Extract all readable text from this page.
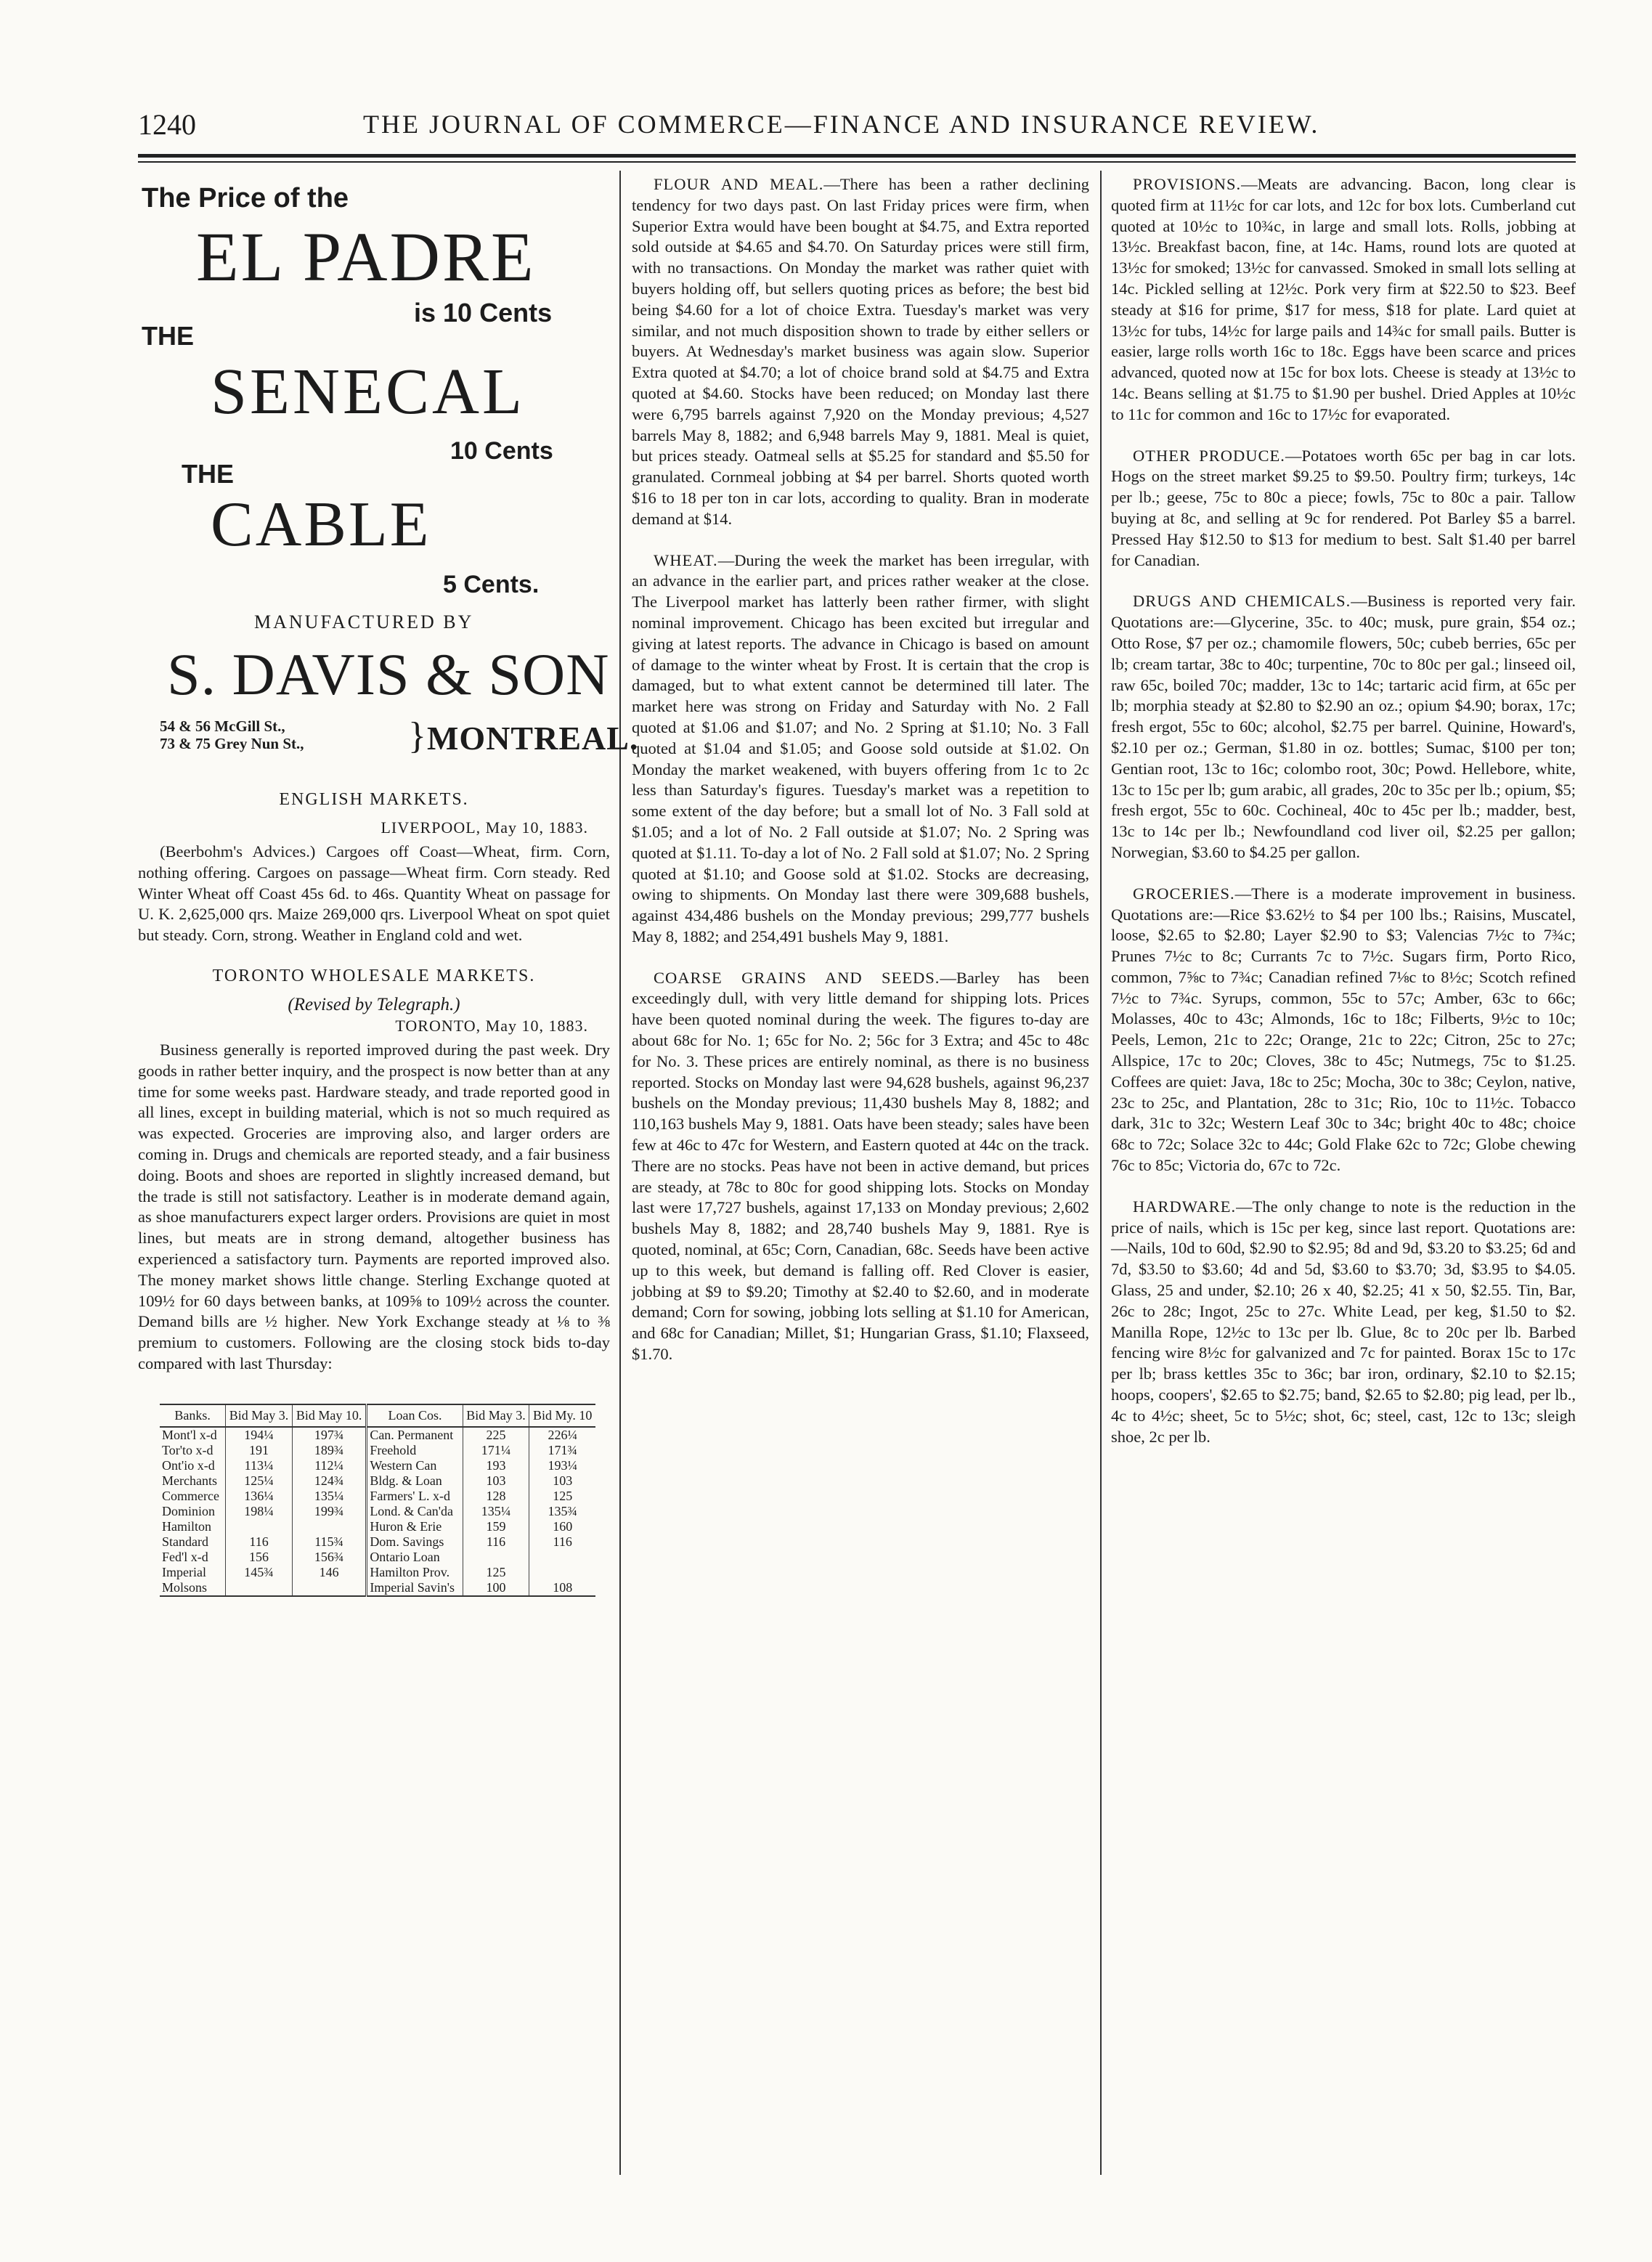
1240	THE JOURNAL OF COMMERCE—FINANCE AND INSURANCE REVIEW.
The Price of the
EL PADRE
is 10 Cents
THE
SENECAL
10 Cents
THE
CABLE
5 Cents.
MANUFACTURED BY
S. DAVIS & SON
54 & 56 McGill St.,
73 & 75 Grey Nun St.,	} MONTREAL.
ENGLISH MARKETS.
LIVERPOOL, May 10, 1883.

(Beerbohm's Advices.) Cargoes off Coast—Wheat, firm. Corn, nothing offering. Cargoes on passage—Wheat firm. Corn steady. Red Winter Wheat off Coast 45s 6d. to 46s. Quantity Wheat on passage for U. K. 2,625,000 qrs. Maize 269,000 qrs. Liverpool Wheat on spot quiet but steady. Corn, strong. Weather in England cold and wet.

TORONTO WHOLESALE MARKETS.
(Revised by Telegraph.)
TORONTO, May 10, 1883.

Business generally is reported improved during the past week. Dry goods in rather better inquiry, and the prospect is now better than at any time for some weeks past. Hardware steady, and trade reported good in all lines, except in building material, which is not so much required as was expected. Groceries are improving also, and larger orders are coming in. Drugs and chemicals are reported steady, and a fair business doing. Boots and shoes are reported in slightly increased demand, but the trade is still not satisfactory. Leather is in moderate demand again, as shoe manufacturers expect larger orders. Provisions are quiet in most lines, but meats are in strong demand, altogether business has experienced a satisfactory turn. Payments are reported improved also. The money market shows little change. Sterling Exchange quoted at 109½ for 60 days between banks, at 109⅝ to 109½ across the counter. Demand bills are ½ higher. New York Exchange steady at ⅛ to ⅜ premium to customers. Following are the closing stock bids to-day compared with last Thursday:

Banks.	Bid May 3.	Bid May 10.	Loan Cos.	Bid May 3.	Bid My. 10
Mont'l x-d	194¼	197¾	Can. Permanent	225	226¼
Tor'to x-d	191	189¾	Freehold	171¼	171¾
Ont'io x-d	113¼	112¼	Western Can	193	193¼
Merchants	125¼	124¾	Bldg. & Loan	103	103
Commerce	136¼	135¼	Farmers' L. x-d	128	125
Dominion	198¼	199¾	Lond. & Can'da	135¼	135¾
Hamilton			Huron & Erie	159	160
Standard	116	115¾	Dom. Savings	116	116
Fed'l x-d	156	156¾	Ontario Loan		
Imperial	145¾	146	Hamilton Prov.	125	
Molsons			Imperial Savin's	100	108

FLOUR AND MEAL.—There has been a rather declining tendency for two days past. On last Friday prices were firm, when Superior Extra would have been bought at $4.75, and Extra reported sold outside at $4.65 and $4.70. On Saturday prices were still firm, with no transactions. On Monday the market was rather quiet with buyers holding off, but sellers quoting prices as before; the best bid being $4.60 for a lot of choice Extra. Tuesday's market was very similar, and not much disposition shown to trade by either sellers or buyers. At Wednesday's market business was again slow. Superior Extra quoted at $4.70; a lot of choice brand sold at $4.75 and Extra quoted at $4.60. Stocks have been reduced; on Monday last there were 6,795 barrels against 7,920 on the Monday previous; 4,527 barrels May 8, 1882; and 6,948 barrels May 9, 1881. Meal is quiet, but prices steady. Oatmeal sells at $5.25 for standard and $5.50 for granulated. Cornmeal jobbing at $4 per barrel. Shorts quoted worth $16 to 18 per ton in car lots, according to quality. Bran in moderate demand at $14.

WHEAT.—During the week the market has been irregular, with an advance in the earlier part, and prices rather weaker at the close. The Liverpool market has latterly been rather firmer, with slight nominal improvement. Chicago has been excited but irregular and giving at latest reports. The advance in Chicago is based on amount of damage to the winter wheat by Frost. It is certain that the crop is damaged, but to what extent cannot be determined till later. The market here was strong on Friday and Saturday with No. 2 Fall quoted at $1.06 and $1.07; and No. 2 Spring at $1.10; No. 3 Fall quoted at $1.04 and $1.05; and Goose sold outside at $1.02. On Monday the market weakened, with buyers offering from 1c to 2c less than Saturday's figures. Tuesday's market was a repetition to some extent of the day before; but a small lot of No. 3 Fall sold at $1.05; and a lot of No. 2 Fall outside at $1.07; No. 2 Spring was quoted at $1.11. To-day a lot of No. 2 Fall sold at $1.07; No. 2 Spring quoted at $1.10; and Goose sold at $1.02. Stocks are decreasing, owing to shipments. On Monday last there were 309,688 bushels, against 434,486 bushels on the Monday previous; 299,777 bushels May 8, 1882; and 254,491 bushels May 9, 1881.

COARSE GRAINS AND SEEDS.—Barley has been exceedingly dull, with very little demand for shipping lots. Prices have been quoted nominal during the week. The figures to-day are about 68c for No. 1; 65c for No. 2; 56c for 3 Extra; and 45c to 48c for No. 3. These prices are entirely nominal, as there is no business reported. Stocks on Monday last were 94,628 bushels, against 96,237 bushels on the Monday previous; 11,430 bushels May 8, 1882; and 110,163 bushels May 9, 1881. Oats have been steady; sales have been few at 46c to 47c for Western, and Eastern quoted at 44c on the track. There are no stocks. Peas have not been in active demand, but prices are steady, at 78c to 80c for good shipping lots. Stocks on Monday last were 17,727 bushels, against 17,133 on Monday previous; 2,602 bushels May 8, 1882; and 28,740 bushels May 9, 1881. Rye is quoted, nominal, at 65c; Corn, Canadian, 68c. Seeds have been active up to this week, but demand is falling off. Red Clover is easier, jobbing at $9 to $9.20; Timothy at $2.40 to $2.60, and in moderate demand; Corn for sowing, jobbing lots selling at $1.10 for American, and 68c for Canadian; Millet, $1; Hungarian Grass, $1.10; Flaxseed, $1.70.

PROVISIONS.—Meats are advancing. Bacon, long clear is quoted firm at 11½c for car lots, and 12c for box lots. Cumberland cut quoted at 10½c to 10¾c, in large and small lots. Rolls, jobbing at 13½c. Breakfast bacon, fine, at 14c. Hams, round lots are quoted at 13½c for smoked; 13½c for canvassed. Smoked in small lots selling at 14c. Pickled selling at 12½c. Pork very firm at $22.50 to $23. Beef steady at $16 for prime, $17 for mess, $18 for plate. Lard quiet at 13½c for tubs, 14½c for large pails and 14¾c for small pails. Butter is easier, large rolls worth 16c to 18c. Eggs have been scarce and prices advanced, quoted now at 15c for box lots. Cheese is steady at 13½c to 14c. Beans selling at $1.75 to $1.90 per bushel. Dried Apples at 10½c to 11c for common and 16c to 17½c for evaporated.

OTHER PRODUCE.—Potatoes worth 65c per bag in car lots. Hogs on the street market $9.25 to $9.50. Poultry firm; turkeys, 14c per lb.; geese, 75c to 80c a piece; fowls, 75c to 80c a pair. Tallow buying at 8c, and selling at 9c for rendered. Pot Barley $5 a barrel. Pressed Hay $12.50 to $13 for medium to best. Salt $1.40 per barrel for Canadian.

DRUGS AND CHEMICALS.—Business is reported very fair. Quotations are:—Glycerine, 35c. to 40c; musk, pure grain, $54 oz.; Otto Rose, $7 per oz.; chamomile flowers, 50c; cubeb berries, 65c per lb; cream tartar, 38c to 40c; turpentine, 70c to 80c per gal.; linseed oil, raw 65c, boiled 70c; madder, 13c to 14c; tartaric acid firm, at 65c per lb; morphia steady at $2.80 to $2.90 an oz.; opium $4.90; borax, 17c; fresh ergot, 55c to 60c; alcohol, $2.75 per barrel. Quinine, Howard's, $2.10 per oz.; German, $1.80 in oz. bottles; Sumac, $100 per ton; Gentian root, 13c to 16c; colombo root, 30c; Powd. Hellebore, white, 13c to 15c per lb; gum arabic, all grades, 20c to 35c per lb.; opium, $5; fresh ergot, 55c to 60c. Cochineal, 40c to 45c per lb.; madder, best, 13c to 14c per lb.; Newfoundland cod liver oil, $2.25 per gallon; Norwegian, $3.60 to $4.25 per gallon.

GROCERIES.—There is a moderate improvement in business. Quotations are:—Rice $3.62½ to $4 per 100 lbs.; Raisins, Muscatel, loose, $2.65 to $2.80; Layer $2.90 to $3; Valencias 7½c to 7¾c; Prunes 7½c to 8c; Currants 7c to 7½c. Sugars firm, Porto Rico, common, 7⅝c to 7¾c; Canadian refined 7⅛c to 8½c; Scotch refined 7½c to 7¾c. Syrups, common, 55c to 57c; Amber, 63c to 66c; Molasses, 40c to 43c; Almonds, 16c to 18c; Filberts, 9½c to 10c; Peels, Lemon, 21c to 22c; Orange, 21c to 22c; Citron, 25c to 27c; Allspice, 17c to 20c; Cloves, 38c to 45c; Nutmegs, 75c to $1.25. Coffees are quiet: Java, 18c to 25c; Mocha, 30c to 38c; Ceylon, native, 23c to 25c, and Plantation, 28c to 31c; Rio, 10c to 11½c. Tobacco dark, 31c to 32c; Western Leaf 30c to 34c; bright 40c to 48c; choice 68c to 72c; Solace 32c to 44c; Gold Flake 62c to 72c; Globe chewing 76c to 85c; Victoria do, 67c to 72c.

HARDWARE.—The only change to note is the reduction in the price of nails, which is 15c per keg, since last report. Quotations are:—Nails, 10d to 60d, $2.90 to $2.95; 8d and 9d, $3.20 to $3.25; 6d and 7d, $3.50 to $3.60; 4d and 5d, $3.60 to $3.70; 3d, $3.95 to $4.05. Glass, 25 and under, $2.10; 26 x 40, $2.25; 41 x 50, $2.55. Tin, Bar, 26c to 28c; Ingot, 25c to 27c. White Lead, per keg, $1.50 to $2. Manilla Rope, 12½c to 13c per lb. Glue, 8c to 20c per lb. Barbed fencing wire 8½c for galvanized and 7c for painted. Borax 15c to 17c per lb; brass kettles 35c to 36c; bar iron, ordinary, $2.10 to $2.15; hoops, coopers', $2.65 to $2.75; band, $2.65 to $2.80; pig lead, per lb., 4c to 4½c; sheet, 5c to 5½c; shot, 6c; steel, cast, 12c to 13c; sleigh shoe, 2c per lb.
